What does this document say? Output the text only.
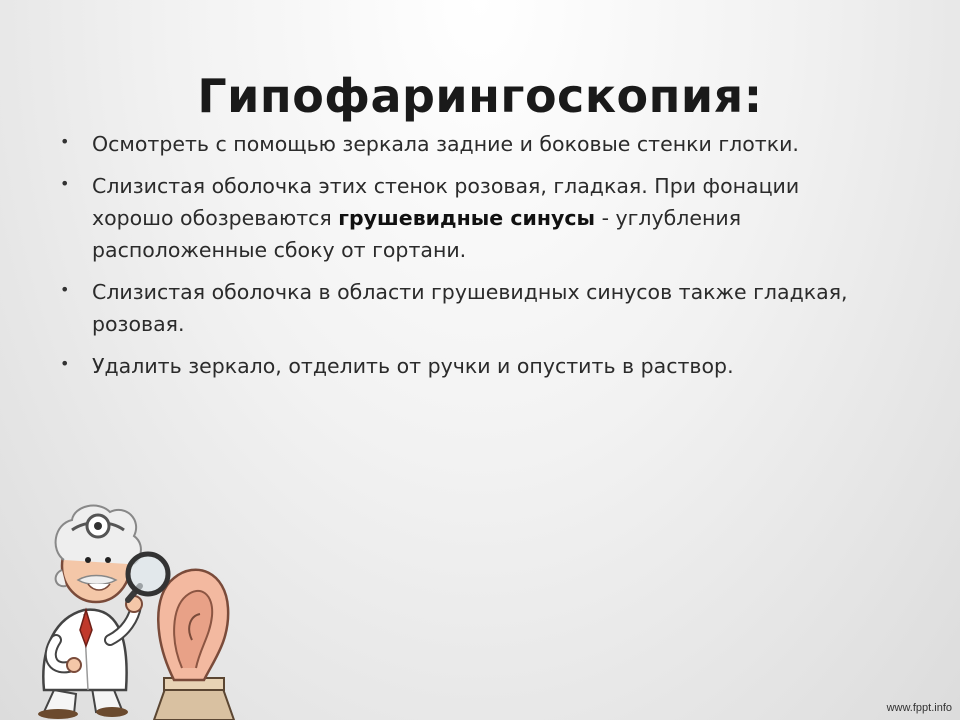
Гипофарингоскопия:
• Осмотреть с помощью зеркала задние и боковые стенки глотки.
• Слизистая оболочка этих стенок розовая, гладкая. При фонации хорошо обозреваются грушевидные синусы - углубления расположенные сбоку от гортани.
• Слизистая оболочка в области грушевидных синусов также гладкая, розовая.
• Удалить зеркало, отделить от ручки и опустить в раствор.
www.fppt.info
